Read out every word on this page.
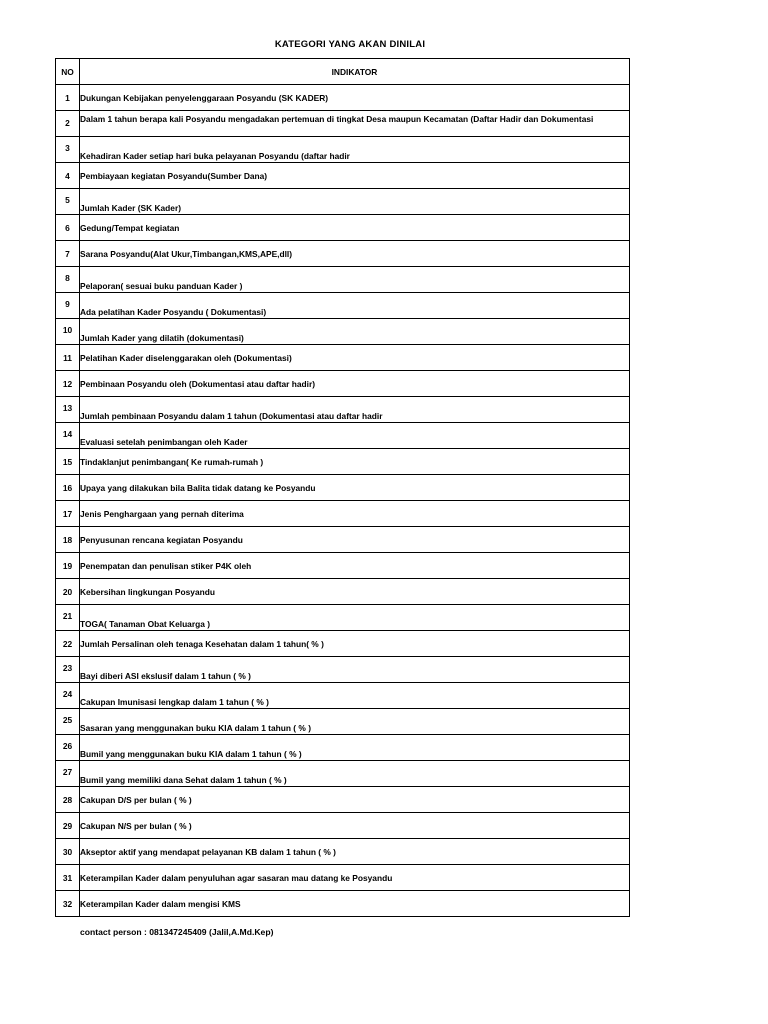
KATEGORI YANG AKAN DINILAI
NO	INDIKATOR
1	Dukungan Kebijakan penyelenggaraan Posyandu (SK KADER)
2	Dalam 1 tahun berapa kali Posyandu mengadakan pertemuan di tingkat Desa maupun Kecamatan (Daftar Hadir dan Dokumentasi
3	Kehadiran Kader setiap hari buka pelayanan Posyandu (daftar hadir
4	Pembiayaan kegiatan Posyandu(Sumber Dana)
5	Jumlah Kader (SK Kader)
6	Gedung/Tempat kegiatan
7	Sarana Posyandu(Alat Ukur,Timbangan,KMS,APE,dll)
8	Pelaporan( sesuai buku panduan Kader )
9	Ada pelatihan Kader Posyandu ( Dokumentasi)
10	Jumlah Kader yang dilatih (dokumentasi)
11	Pelatihan Kader diselenggarakan oleh (Dokumentasi)
12	Pembinaan Posyandu oleh (Dokumentasi atau daftar hadir)
13	Jumlah pembinaan Posyandu dalam 1 tahun (Dokumentasi atau daftar hadir
14	Evaluasi setelah penimbangan oleh Kader
15	Tindaklanjut penimbangan( Ke rumah-rumah )
16	Upaya yang dilakukan bila Balita tidak datang ke Posyandu
17	Jenis Penghargaan yang pernah diterima
18	Penyusunan rencana kegiatan Posyandu
19	Penempatan dan penulisan stiker P4K oleh
20	Kebersihan lingkungan Posyandu
21	TOGA( Tanaman Obat Keluarga )
22	Jumlah Persalinan oleh tenaga Kesehatan dalam 1 tahun( % )
23	Bayi diberi ASI ekslusif dalam 1 tahun ( % )
24	Cakupan Imunisasi lengkap dalam 1 tahun ( % )
25	Sasaran yang menggunakan buku KIA dalam 1 tahun ( % )
26	Bumil yang menggunakan buku KIA dalam 1 tahun ( % )
27	Bumil yang memiliki dana Sehat dalam 1 tahun ( % )
28	Cakupan D/S per bulan ( % )
29	Cakupan N/S per bulan ( % )
30	Akseptor aktif yang mendapat pelayanan KB dalam 1 tahun ( % )
31	Keterampilan Kader dalam penyuluhan agar sasaran mau datang ke Posyandu
32	Keterampilan Kader dalam mengisi KMS
contact person : 081347245409 (Jalil,A.Md.Kep)
